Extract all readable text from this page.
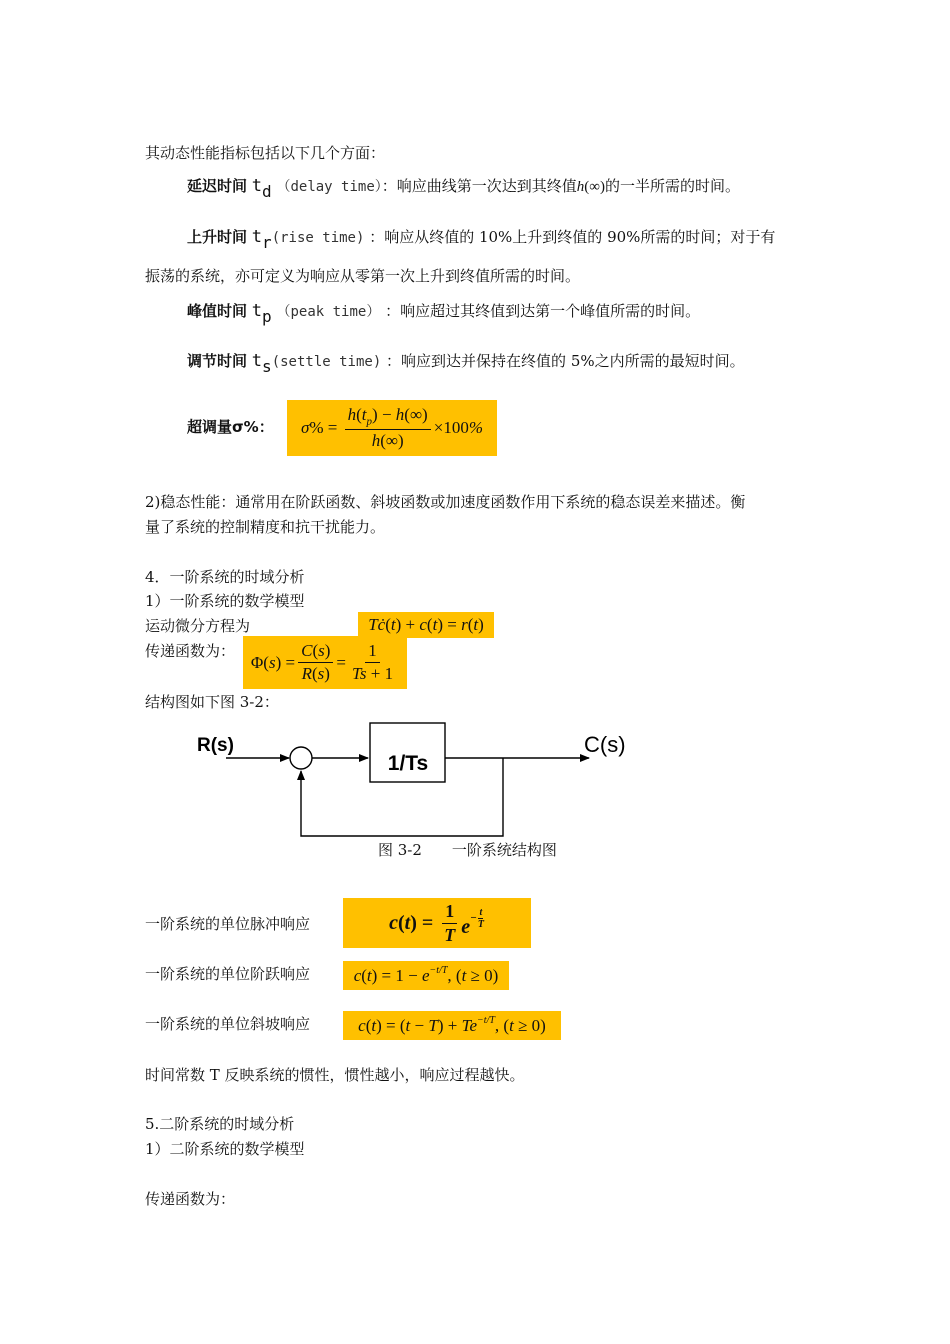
其动态性能指标包括以下几个方面：
延迟时间 $t_d$ （delay time）：响应曲线第一次达到其终值h(∞)的一半所需的时间。
上升时间 $t_r(rise$ time) ：响应从终值的 10%上升到终值的 90%所需的时间；对于有
振荡的系统，亦可定义为响应从零第一次上升到终值所需的时间。
峰值时间 $t_p$ （peak time） ：响应超过其终值到达第一个峰值所需的时间。
调节时间 $t_s(settle$ time) ：响应到达并保持在终值的 5%之内所需的最短时间。
超调量σ%： σ % = $\frac{h(t_p) - h(\infty)}{h(\infty)} \times 100$ %
2)稳态性能：通常用在阶跃函数、斜坡函数或加速度函数作用下系统的稳态误差来描述。衡
量了系统的控制精度和抗干扰能力。
4．一阶系统的时域分析
1）一阶系统的数学模型
运动微分方程为	Tċ(t) + c(t) = r(t)
传递函数为：
Φ( s ) = $\frac{C(s)}{R(s)} = \frac{1}{Ts + 1}$
结构图如下图 3-2：
R(s)
1/Ts
C(s)
图 3-2　　一阶系统结构图
一阶系统的单位脉冲响应	$c(t) = \frac{1}{T} e^{- \frac{t}{T}}$
一阶系统的单位阶跃响应	$c(t) = 1 - e^{-t/T}$, (t ≥ 0)
一阶系统的单位斜坡响应	$c(t) = (t - T) + Te^{-t/T}$, (t ≥ 0)
时间常数 T 反映系统的惯性，惯性越小，响应过程越快。
5.二阶系统的时域分析
1）二阶系统的数学模型
传递函数为：
